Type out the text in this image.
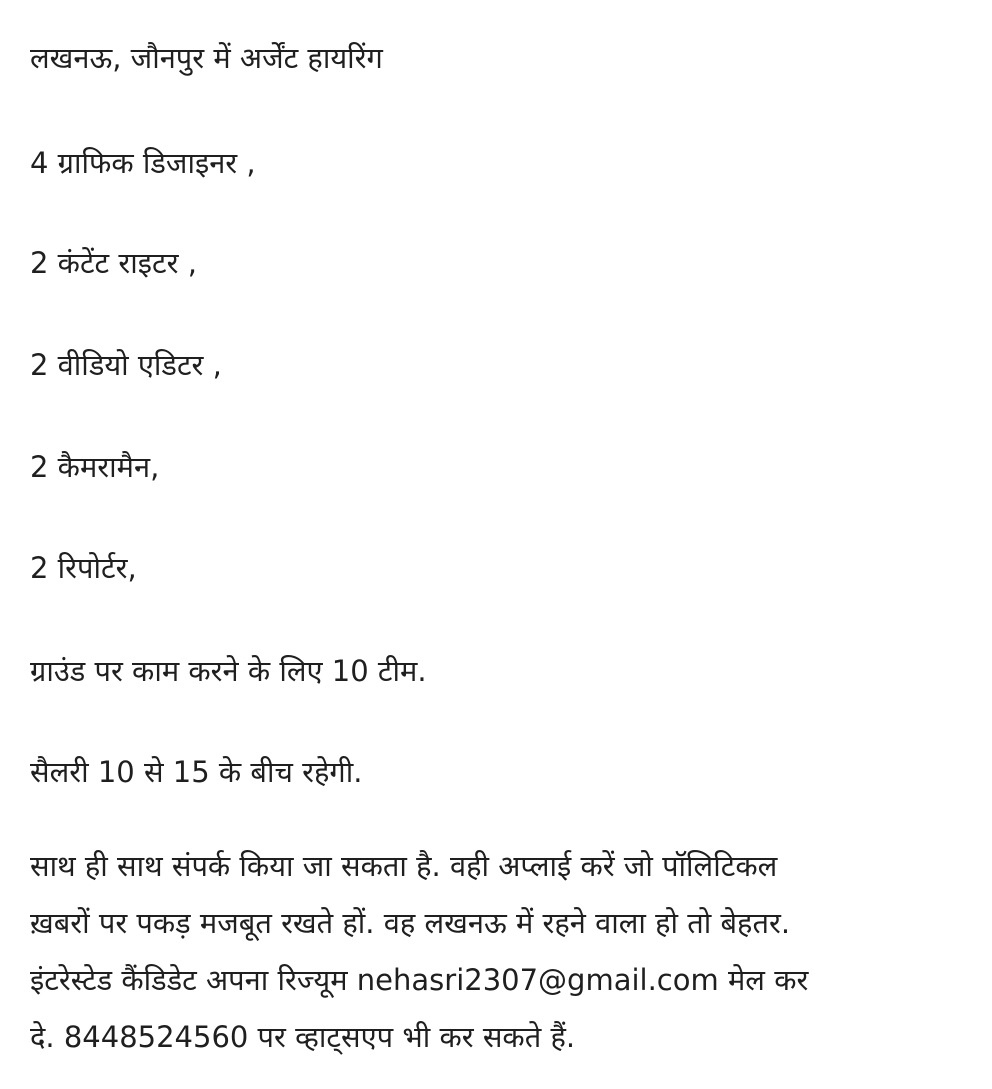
लखनऊ, जौनपुर में अर्जेंट हायरिंग
4 ग्राफिक डिजाइनर ,
2 कंटेंट राइटर ,
2 वीडियो एडिटर ,
2 कैमरामैन,
2 रिपोर्टर,
ग्राउंड पर काम करने के लिए 10 टीम.
सैलरी 10 से 15 के बीच रहेगी.
साथ ही साथ संपर्क किया जा सकता है. वही अप्लाई करें जो पॉलिटिकल
ख़बरों पर पकड़ मजबूत रखते हों. वह लखनऊ में रहने वाला हो तो बेहतर.
इंटरेस्टेड कैंडिडेट अपना रिज्यूम nehasri2307@gmail.com मेल कर
दे. 8448524560 पर व्हाट्सएप भी कर सकते हैं.
